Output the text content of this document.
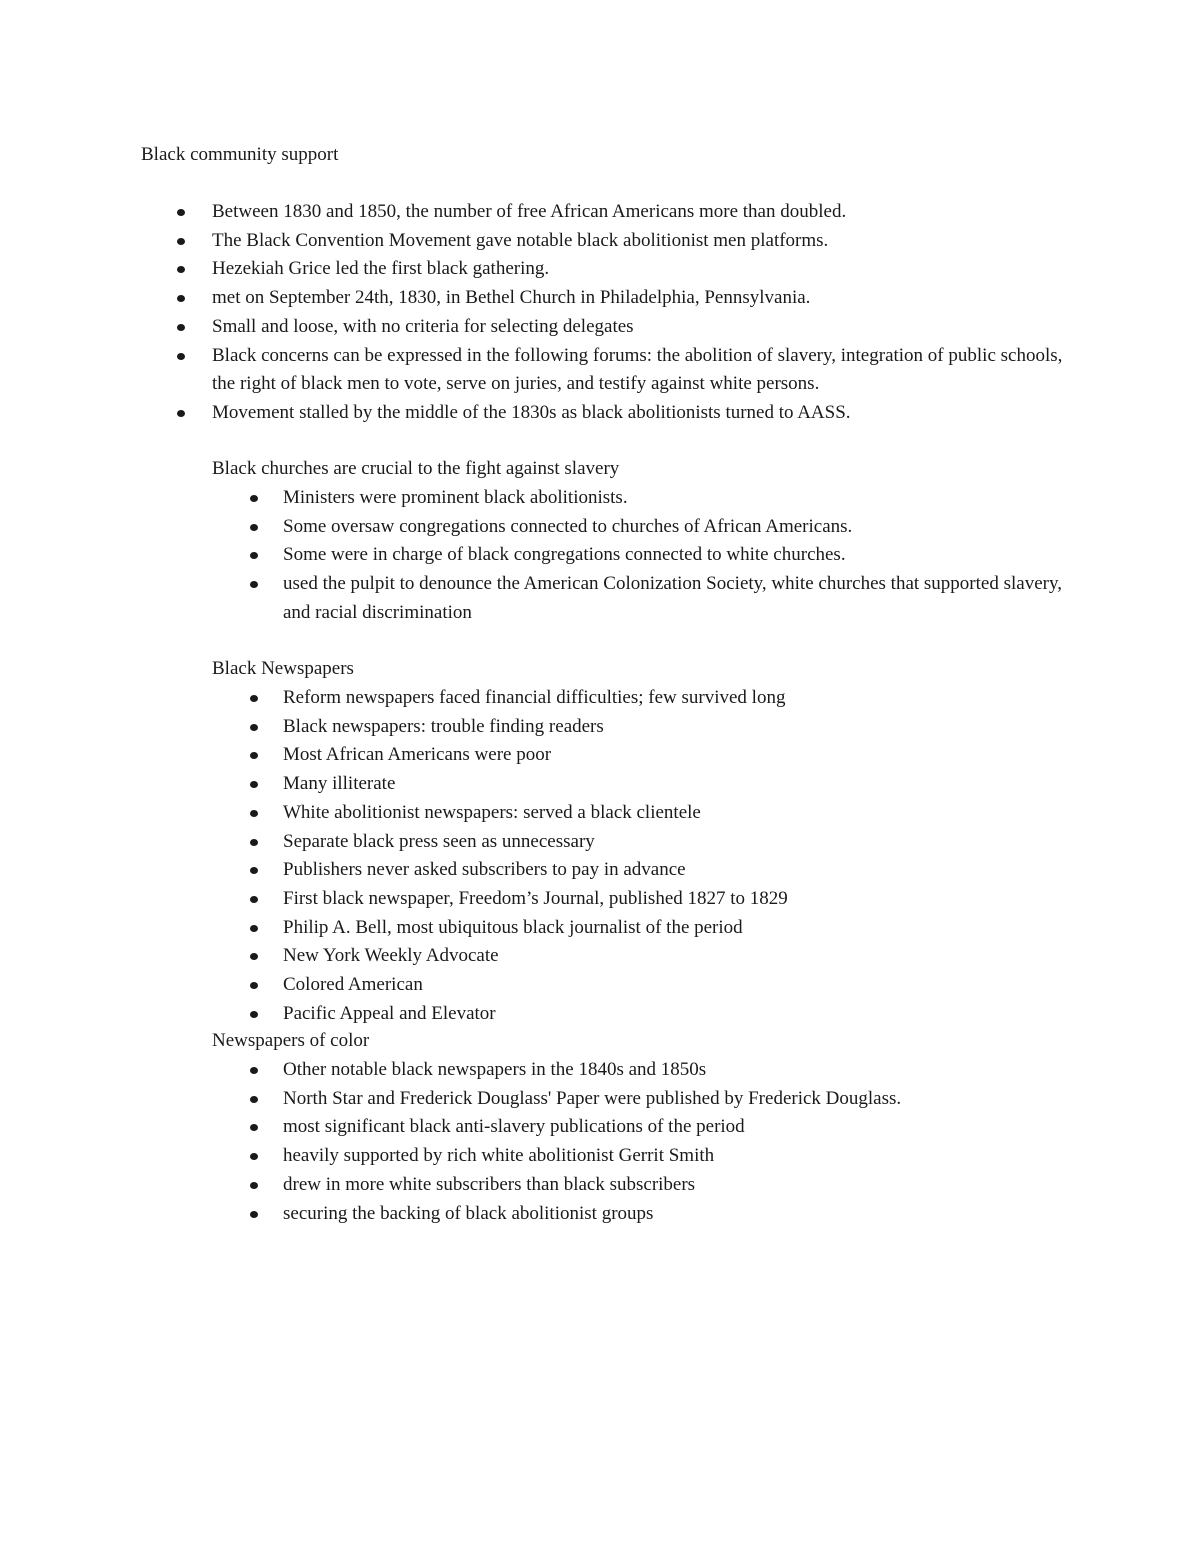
Black community support
Between 1830 and 1850, the number of free African Americans more than doubled.
The Black Convention Movement gave notable black abolitionist men platforms.
Hezekiah Grice led the first black gathering.
met on September 24th, 1830, in Bethel Church in Philadelphia, Pennsylvania.
Small and loose, with no criteria for selecting delegates
Black concerns can be expressed in the following forums: the abolition of slavery, integration of public schools, the right of black men to vote, serve on juries, and testify against white persons.
Movement stalled by the middle of the 1830s as black abolitionists turned to AASS.
Black churches are crucial to the fight against slavery
Ministers were prominent black abolitionists.
Some oversaw congregations connected to churches of African Americans.
Some were in charge of black congregations connected to white churches.
used the pulpit to denounce the American Colonization Society, white churches that supported slavery, and racial discrimination
Black Newspapers
Reform newspapers faced financial difficulties; few survived long
Black newspapers: trouble finding readers
Most African Americans were poor
Many illiterate
White abolitionist newspapers: served a black clientele
Separate black press seen as unnecessary
Publishers never asked subscribers to pay in advance
First black newspaper, Freedom’s Journal, published 1827 to 1829
Philip A. Bell, most ubiquitous black journalist of the period
New York Weekly Advocate
Colored American
Pacific Appeal and Elevator
Newspapers of color
Other notable black newspapers in the 1840s and 1850s
North Star and Frederick Douglass' Paper were published by Frederick Douglass.
most significant black anti-slavery publications of the period
heavily supported by rich white abolitionist Gerrit Smith
drew in more white subscribers than black subscribers
securing the backing of black abolitionist groups
